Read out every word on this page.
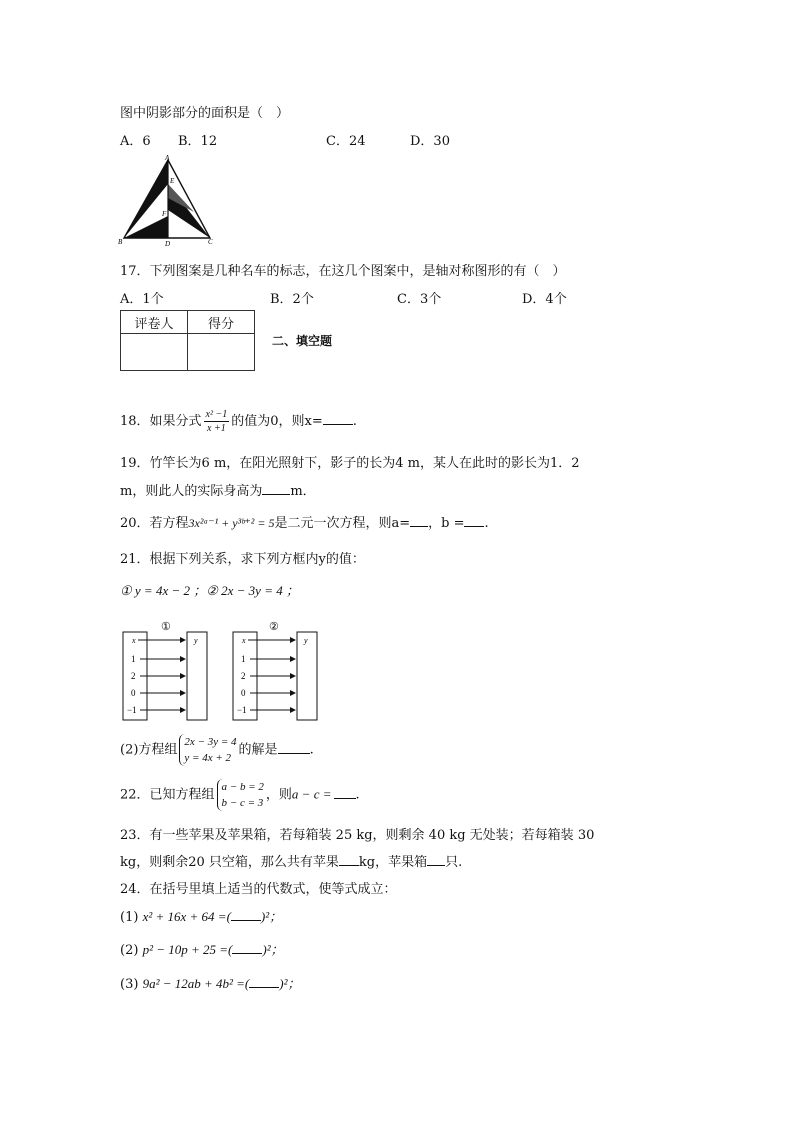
图中阴影部分的面积是（　）
A．6 B．12	C．24	D．30
A
E
F
B	D	C
17．下列图案是几种名车的标志，在这几个图案中，是轴对称图形的有（　）
A．1个	B．2个	C．3个	D．4个
评卷人	得分

二、填空题
18．如果分式 $\frac{\text{x² −1}}{x +1}$ 的值为0，则x= .
19．竹竿长为6 m，在阳光照射下，影子的长为4 m，某人在此时的影长为1．2
m，则此人的实际身高为 m．
20．若方程3x²ᵃ⁻¹ + y³ᵇ⁺² = 5是二元一次方程，则a= ，b = .
21．根据下列关系，求下列方框内y的值：
① y = 4x − 2 ；② 2x − 3y = 4 ；
①
x	y
1
2
0
−1
②
x	y
1
2
0
−1
(2)方程组
2x − 3y = 4
y = 4x + 2
的解是 .
22．已知方程组
a − b = 2
b − c = 3
，则a − c = .
23．有一些苹果及苹果箱，若每箱装 25 kg，则剩余 40 kg 无处装；若每箱装 30
kg，则剩余20 只空箱，那么共有苹果 kg，苹果箱 只.
24．在括号里填上适当的代数式，使等式成立：
(1) x² + 16x + 64 =( )²；
(2) p² − 10p + 25 =( )²；
(3) 9a² − 12ab + 4b² =( )²；
